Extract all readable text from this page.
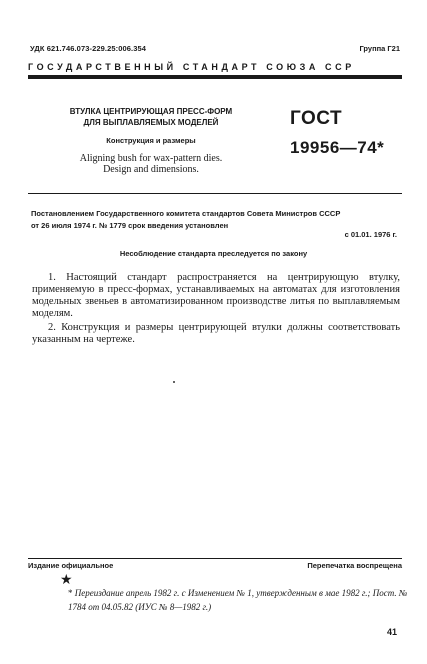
УДК 621.746.073-229.25:006.354	Группа Г21
ГОСУДАРСТВЕННЫЙ СТАНДАРТ СОЮЗА ССР
ВТУЛКА ЦЕНТРИРУЮЩАЯ ПРЕСС-ФОРМ
ДЛЯ ВЫПЛАВЛЯЕМЫХ МОДЕЛЕЙ
Конструкция и размеры
Aligning bush for wax-pattern dies.
Design and dimensions.
ГОСТ
19956—74*
Постановлением Государственного комитета стандартов Совета Министров СССР
от 26 июля 1974 г. № 1779 срок введения установлен
с 01.01. 1976 г.
Несоблюдение стандарта преследуется по закону
1. Настоящий стандарт распространяется на центрирующую втулку, применяемую в пресс-формах, устанавливаемых на автоматах для изготовления модельных звеньев в автоматизированном производстве литья по выплавляемым моделям.
2. Конструкция и размеры центрирующей втулки должны соответствовать указанным на чертеже.
Издание официальное	Перепечатка воспрещена
★
* Переиздание апрель 1982 г. с Изменением № 1, утвержденным в мае 1982 г.; Пост. № 1784 от 04.05.82 (ИУС № 8—1982 г.)
41
